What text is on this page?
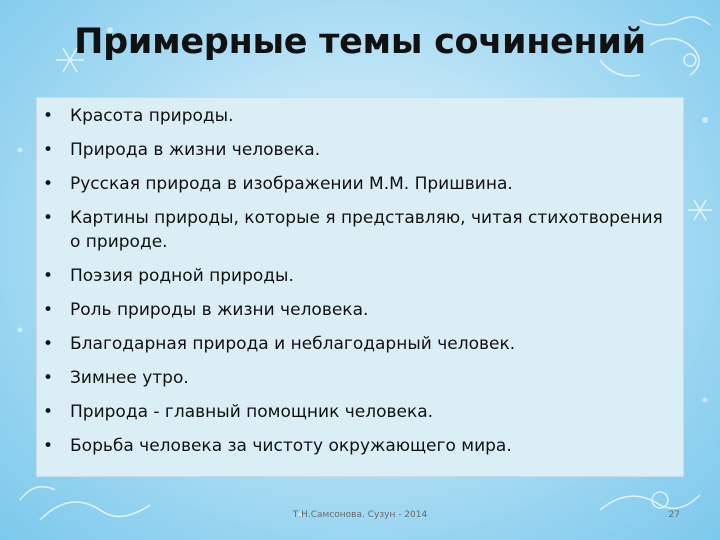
Примерные темы сочинений
• Красота природы.
• Природа в жизни человека.
• Русская природа в изображении М.М. Пришвина.
• Картины природы, которые я представляю, читая стихотворения о природе.
• Поэзия родной природы.
• Роль природы в жизни человека.
• Благодарная природа и неблагодарный человек.
• Зимнее утро.
• Природа - главный помощник человека.
• Борьба человека за чистоту окружающего мира.
Т.Н.Самсонова. Сузун - 2014	27
